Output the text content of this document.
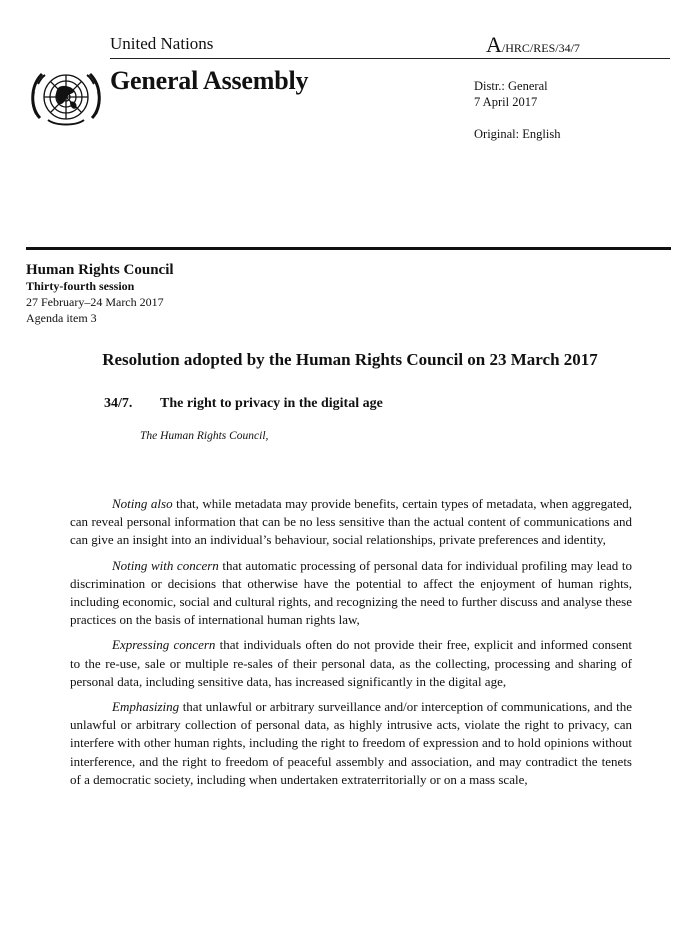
United Nations	A/HRC/RES/34/7
General Assembly	Distr.: General
7 April 2017
Original: English
Human Rights Council
Thirty-fourth session
27 February–24 March 2017
Agenda item 3
Resolution adopted by the Human Rights Council on 23 March 2017
34/7. The right to privacy in the digital age
The Human Rights Council,

Noting also that, while metadata may provide benefits, certain types of metadata, when aggregated, can reveal personal information that can be no less sensitive than the actual content of communications and can give an insight into an individual’s behaviour, social relationships, private preferences and identity,

Noting with concern that automatic processing of personal data for individual profiling may lead to discrimination or decisions that otherwise have the potential to affect the enjoyment of human rights, including economic, social and cultural rights, and recognizing the need to further discuss and analyse these practices on the basis of international human rights law,

Expressing concern that individuals often do not provide their free, explicit and informed consent to the re-use, sale or multiple re-sales of their personal data, as the collecting, processing and sharing of personal data, including sensitive data, has increased significantly in the digital age,

Emphasizing that unlawful or arbitrary surveillance and/or interception of communications, and the unlawful or arbitrary collection of personal data, as highly intrusive acts, violate the right to privacy, can interfere with other human rights, including the right to freedom of expression and to hold opinions without interference, and the right to freedom of peaceful assembly and association, and may contradict the tenets of a democratic society, including when undertaken extraterritorially or on a mass scale,
